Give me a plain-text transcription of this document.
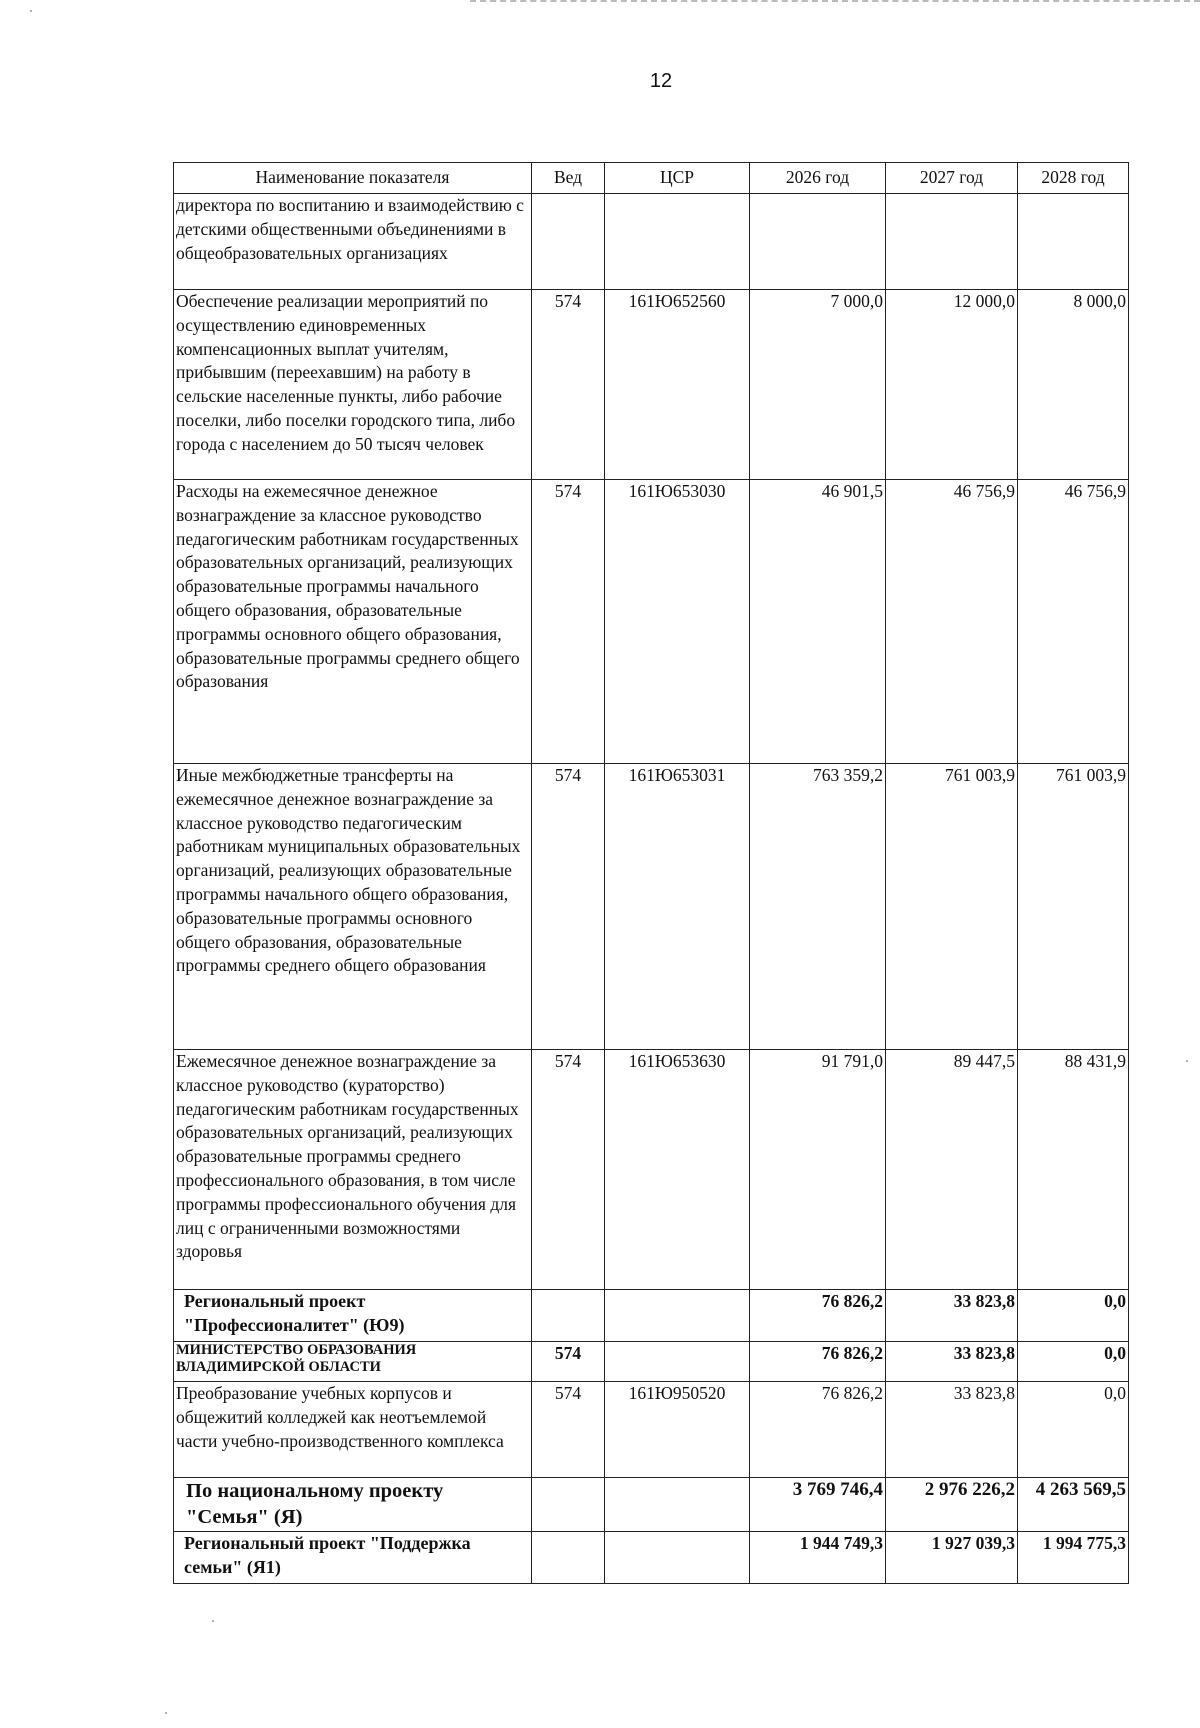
12
Наименование показателя	Вед	ЦСР	2026 год	2027 год	2028 год
директора по воспитанию и взаимодействию с детскими общественными объединениями в общеобразовательных организациях					
Обеспечение реализации мероприятий по осуществлению единовременных компенсационных выплат учителям, прибывшим (переехавшим) на работу в сельские населенные пункты, либо рабочие поселки, либо поселки городского типа, либо города с населением до 50 тысяч человек	574	161Ю652560	7 000,0	12 000,0	8 000,0
Расходы на ежемесячное денежное вознаграждение за классное руководство педагогическим работникам государственных образовательных организаций, реализующих образовательные программы начального общего образования, образовательные программы основного общего образования, образовательные программы среднего общего образования	574	161Ю653030	46 901,5	46 756,9	46 756,9
Иные межбюджетные трансферты на ежемесячное денежное вознаграждение за классное руководство педагогическим работникам муниципальных образовательных организаций, реализующих образовательные программы начального общего образования, образовательные программы основного общего образования, образовательные программы среднего общего образования	574	161Ю653031	763 359,2	761 003,9	761 003,9
Ежемесячное денежное вознаграждение за классное руководство (кураторство) педагогическим работникам государственных образовательных организаций, реализующих образовательные программы среднего профессионального образования, в том числе программы профессионального обучения для лиц с ограниченными возможностями здоровья	574	161Ю653630	91 791,0	89 447,5	88 431,9
Региональный проект "Профессионалитет" (Ю9)			76 826,2	33 823,8	0,0
МИНИСТЕРСТВО ОБРАЗОВАНИЯ ВЛАДИМИРСКОЙ ОБЛАСТИ	574		76 826,2	33 823,8	0,0
Преобразование учебных корпусов и общежитий колледжей как неотъемлемой части учебно-производственного комплекса	574	161Ю950520	76 826,2	33 823,8	0,0
По национальному проекту "Семья" (Я)			3 769 746,4	2 976 226,2	4 263 569,5
Региональный проект "Поддержка семьи" (Я1)			1 944 749,3	1 927 039,3	1 994 775,3
